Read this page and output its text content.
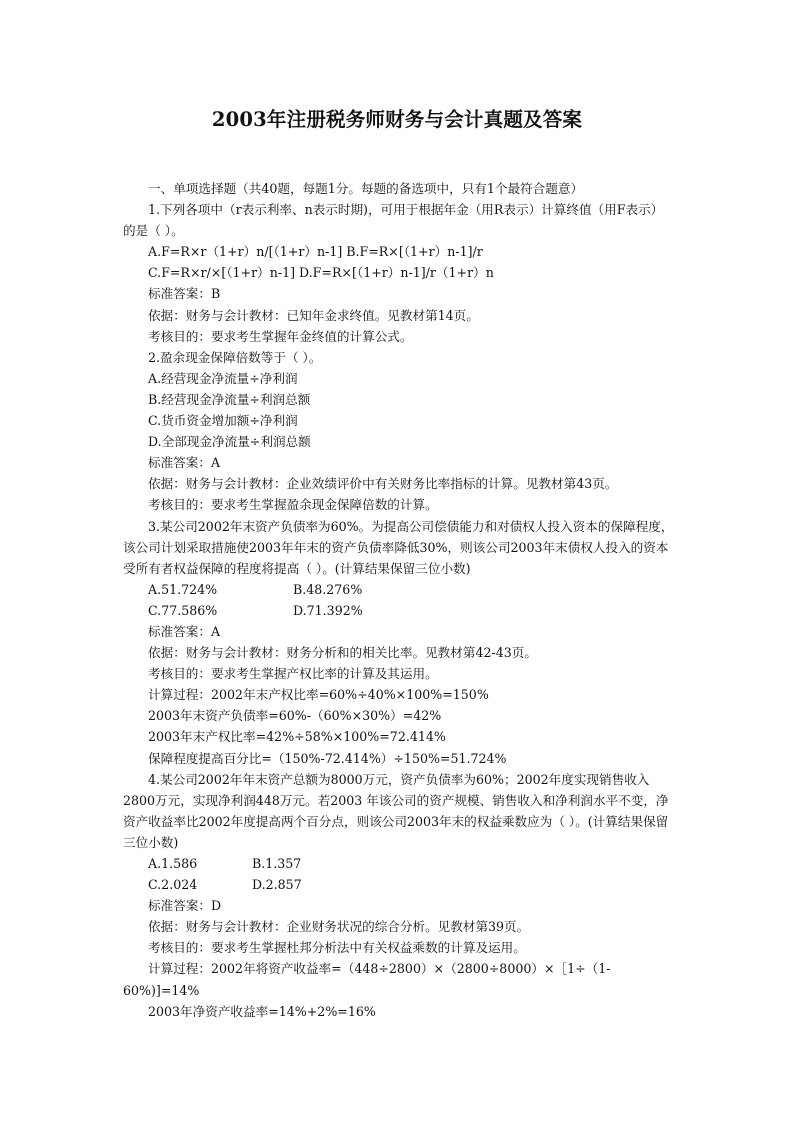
2003年注册税务师财务与会计真题及答案

一、单项选择题（共40题，每题1分。每题的备选项中，只有1个最符合题意）

1.下列各项中（r表示利率、n表示时期)，可用于根据年金（用R表示）计算终值（用F表示）的是（ ）。

A.F=R×r（1+r）n/[（1+r）n-1] B.F=R×[（1+r）n-1]/r

C.F=R×r/×[（1+r）n-1] D.F=R×[（1+r）n-1]/r（1+r）n

标准答案：B

依据：财务与会计教材：已知年金求终值。见教材第14页。

考核目的：要求考生掌握年金终值的计算公式。

2.盈余现金保障倍数等于（ ）。

A.经营现金净流量÷净利润

B.经营现金净流量÷利润总额

C.货币资金增加额÷净利润

D.全部现金净流量÷利润总额

标准答案：A

依据：财务与会计教材：企业效绩评价中有关财务比率指标的计算。见教材第43页。

考核目的：要求考生掌握盈余现金保障倍数的计算。

3.某公司2002年末资产负债率为60%。为提高公司偿债能力和对债权人投入资本的保障程度，该公司计划采取措施使2003年年末的资产负债率降低30%，则该公司2003年末债权人投入的资本受所有者权益保障的程度将提高（ ）。(计算结果保留三位小数)

A.51.724%	B.48.276%
C.77.586%	D.71.392%

标准答案：A

依据：财务与会计教材：财务分析和的相关比率。见教材第42-43页。

考核目的：要求考生掌握产权比率的计算及其运用。

计算过程：2002年末产权比率=60%÷40%×100%=150%

2003年末资产负债率=60%-（60%×30%）=42%

2003年末产权比率=42%÷58%×100%=72.414%

保障程度提高百分比=（150%-72.414%）÷150%=51.724%

4.某公司2002年年末资产总额为8000万元，资产负债率为60%；2002年度实现销售收入2800万元，实现净利润448万元。若2003 年该公司的资产规模、销售收入和净利润水平不变，净资产收益率比2002年度提高两个百分点，则该公司2003年末的权益乘数应为（ ）。(计算结果保留三位小数)

A.1.586	B.1.357
C.2.024	D.2.857

标准答案：D

依据：财务与会计教材：企业财务状况的综合分析。见教材第39页。

考核目的：要求考生掌握杜邦分析法中有关权益乘数的计算及运用。

计算过程：2002年将资产收益率=（448÷2800）×（2800÷8000）×［1÷（1-60%)]=14%

2003年净资产收益率=14%+2%=16%
